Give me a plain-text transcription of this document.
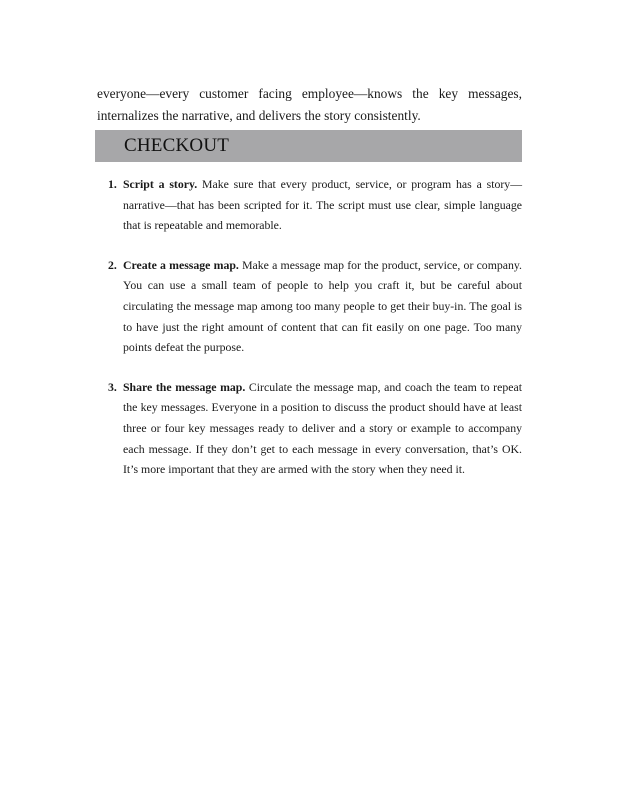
everyone—every customer facing employee—knows the key messages, internalizes the narrative, and delivers the story consistently.

CHECKOUT
1. Script a story. Make sure that every product, service, or program has a story—narrative—that has been scripted for it. The script must use clear, simple language that is repeatable and memorable.
2. Create a message map. Make a message map for the product, service, or company. You can use a small team of people to help you craft it, but be careful about circulating the message map among too many people to get their buy-in. The goal is to have just the right amount of content that can fit easily on one page. Too many points defeat the purpose.
3. Share the message map. Circulate the message map, and coach the team to repeat the key messages. Everyone in a position to discuss the product should have at least three or four key messages ready to deliver and a story or example to accompany each message. If they don’t get to each message in every conversation, that’s OK. It’s more important that they are armed with the story when they need it.
